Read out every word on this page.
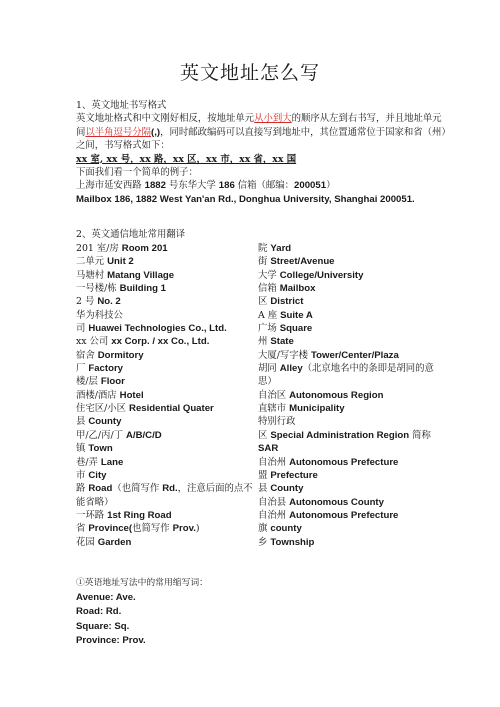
英文地址怎么写
1、英文地址书写格式
英文地址格式和中文刚好相反，按地址单元从小到大的顺序从左到右书写，并且地址单元
间以半角逗号分隔(,)，同时邮政编码可以直接写到地址中，其位置通常位于国家和省（州）
之间，书写格式如下：
xx 室, xx 号，xx 路，xx 区，xx 市，xx 省，xx 国
下面我们看一个简单的例子：
上海市延安西路 1882 号东华大学 186 信箱（邮编：200051）
Mailbox 186, 1882 West Yan'an Rd., Donghua University, Shanghai 200051.
2、英文通信地址常用翻译
201 室/房 Room 201
二单元 Unit 2
马塘村 Matang Village
一号楼/栋 Building 1
2 号 No. 2
华为科技公
司 Huawei Technologies Co., Ltd.
xx 公司 xx Corp. / xx Co., Ltd.
宿舍 Dormitory
厂 Factory
楼/层 Floor
酒楼/酒店 Hotel
住宅区/小区 Residential Quater
县 County
甲/乙/丙/丁 A/B/C/D
镇 Town
巷/弄 Lane
市 City
路 Road（也简写作 Rd.，注意后面的点不
能省略）
一环路 1st Ring Road
省 Province(也简写作 Prov.)
花园 Garden
院 Yard
街 Street/Avenue
大学 College/University
信箱 Mailbox
区 District
A 座 Suite A
广场 Square
州 State
大厦/写字楼 Tower/Center/Plaza
胡同 Alley（北京地名中的条即是胡同的意
思）
自治区 Autonomous Region
直辖市 Municipality
特别行政
区 Special Administration Region 简称
SAR
自治州 Autonomous Prefecture
盟 Prefecture
县 County
自治县 Autonomous County
自治州 Autonomous Prefecture
旗 county
乡 Township
①英语地址写法中的常用缩写词：
Avenue: Ave.
Road: Rd.
Square: Sq.
Province: Prov.
